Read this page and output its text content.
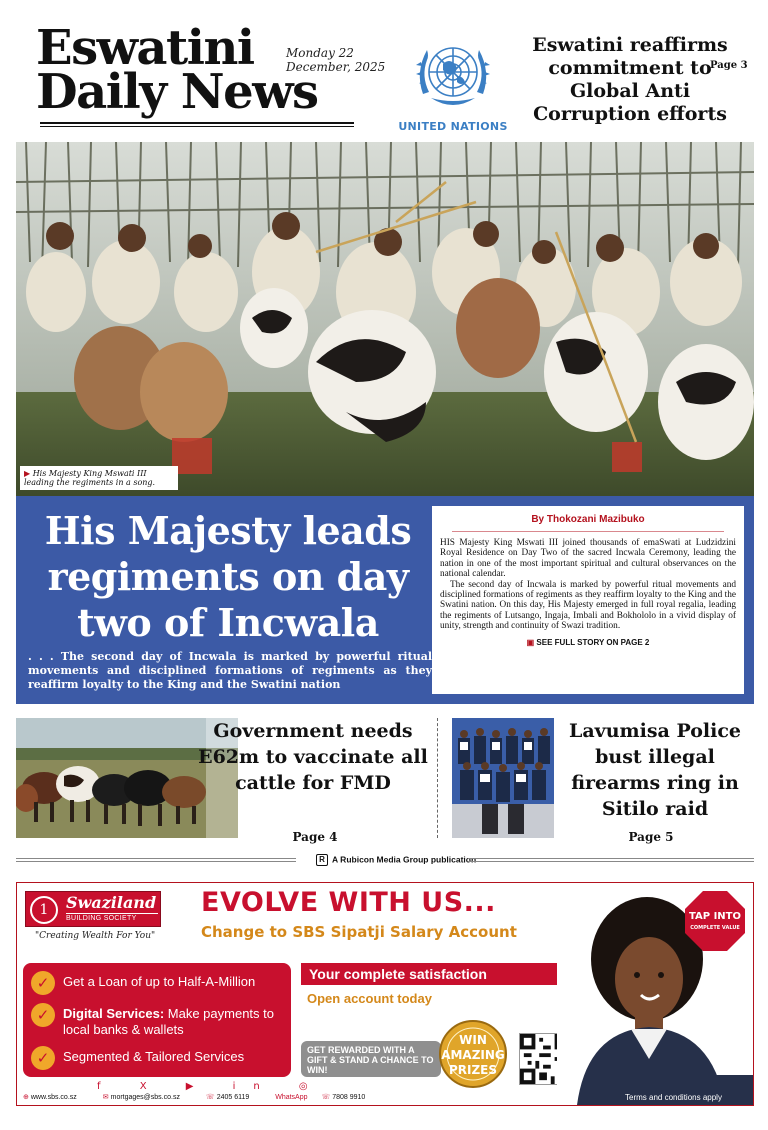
Eswatini
Daily News
Monday 22
December, 2025
UNITED NATIONS
Eswatini reaffirms commitment to Global Anti Corruption efforts
Page 3
▶ His Majesty King Mswati III leading the regiments in a song.
His Majesty leads regiments on day two of Incwala
. . . The second day of Incwala is marked by powerful ritual movements and disciplined formations of regiments as they reaffirm loyalty to the King and the Swatini nation
By Thokozani Mazibuko

HIS Majesty King Mswati III joined thousands of emaSwati at Ludzidzini Royal Residence on Day Two of the sacred Incwala Ceremony, leading the nation in one of the most important spiritual and cultural observances on the national calendar.

The second day of Incwala is marked by powerful ritual movements and disciplined formations of regiments as they reaffirm loyalty to the King and the Swatini nation. On this day, His Majesty emerged in full royal regalia, leading the regiments of Lutsango, Ingaja, Imbali and Bokhololo in a vivid display of unity, strength and continuity of Swazi tradition.

▣ SEE FULL STORY ON PAGE 2
Government needs E62m to vaccinate all cattle for FMD
Page 4
Lavumisa Police bust illegal firearms ring in Sitilo raid
Page 5
R A Rubicon Media Group publication
1	Swaziland
BUILDING SOCIETY
"Creating Wealth For You"
EVOLVE WITH US...
Change to SBS Sipatji Salary Account
✓	Get a Loan of up to Half-A-Million
✓	Digital Services: Make payments to local banks & wallets
✓	Segmented & Tailored Services
Your complete satisfaction
Open account today
GET REWARDED WITH A GIFT & STAND A CHANCE TO WIN!
WIN
AMAZING
PRIZES
TAP INTO
COMPLETE VALUE
Terms and conditions apply
f X ▶ in ◎
⊕ www.sbs.co.sz	✉ mortgages@sbs.co.sz	☏ 2405 6119	WhatsApp ☏ 7808 9910
